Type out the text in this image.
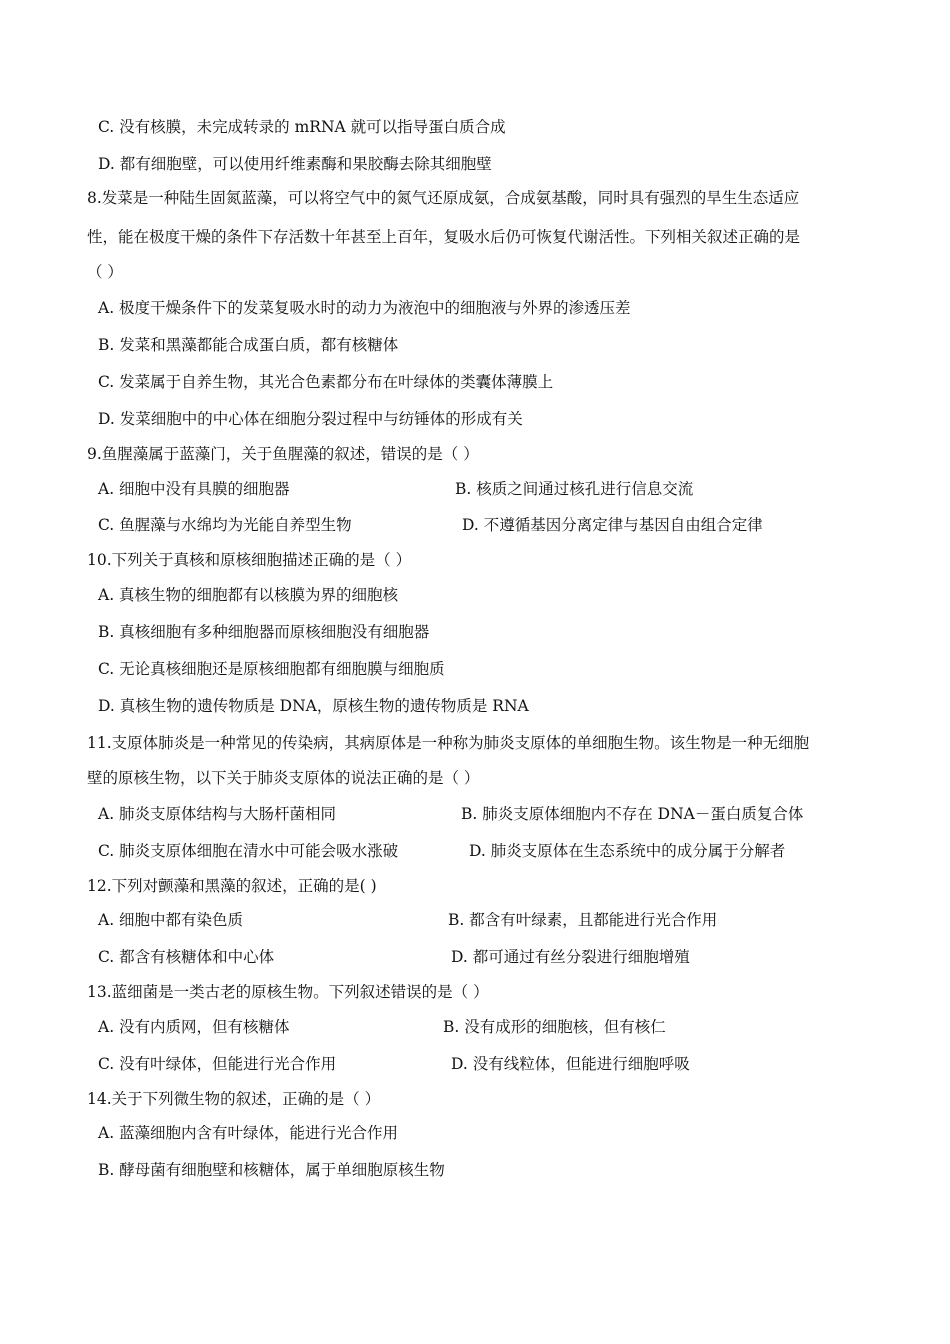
C. 没有核膜，未完成转录的 mRNA 就可以指导蛋白质合成
D. 都有细胞壁，可以使用纤维素酶和果胶酶去除其细胞壁
8.发菜是一种陆生固氮蓝藻，可以将空气中的氮气还原成氨，合成氨基酸，同时具有强烈的旱生生态适应
性，能在极度干燥的条件下存活数十年甚至上百年，复吸水后仍可恢复代谢活性。下列相关叙述正确的是
（ ）
A. 极度干燥条件下的发菜复吸水时的动力为液泡中的细胞液与外界的渗透压差
B. 发菜和黑藻都能合成蛋白质，都有核糖体
C. 发菜属于自养生物，其光合色素都分布在叶绿体的类囊体薄膜上
D. 发菜细胞中的中心体在细胞分裂过程中与纺锤体的形成有关
9.鱼腥藻属于蓝藻门，关于鱼腥藻的叙述，错误的是（ ）
A. 细胞中没有具膜的细胞器	B. 核质之间通过核孔进行信息交流
C. 鱼腥藻与水绵均为光能自养型生物	D. 不遵循基因分离定律与基因自由组合定律
10.下列关于真核和原核细胞描述正确的是（ ）
A. 真核生物的细胞都有以核膜为界的细胞核
B. 真核细胞有多种细胞器而原核细胞没有细胞器
C. 无论真核细胞还是原核细胞都有细胞膜与细胞质
D. 真核生物的遗传物质是 DNA，原核生物的遗传物质是 RNA
11.支原体肺炎是一种常见的传染病，其病原体是一种称为肺炎支原体的单细胞生物。该生物是一种无细胞
壁的原核生物，以下关于肺炎支原体的说法正确的是（ ）
A. 肺炎支原体结构与大肠杆菌相同	B. 肺炎支原体细胞内不存在 DNA－蛋白质复合体
C. 肺炎支原体细胞在清水中可能会吸水涨破	D. 肺炎支原体在生态系统中的成分属于分解者
12.下列对颤藻和黑藻的叙述，正确的是( )
A. 细胞中都有染色质	B. 都含有叶绿素，且都能进行光合作用
C. 都含有核糖体和中心体	D. 都可通过有丝分裂进行细胞增殖
13.蓝细菌是一类古老的原核生物。下列叙述错误的是（ ）
A. 没有内质网，但有核糖体	B. 没有成形的细胞核，但有核仁
C. 没有叶绿体，但能进行光合作用	D. 没有线粒体，但能进行细胞呼吸
14.关于下列微生物的叙述，正确的是（ ）
A. 蓝藻细胞内含有叶绿体，能进行光合作用
B. 酵母菌有细胞壁和核糖体，属于单细胞原核生物
